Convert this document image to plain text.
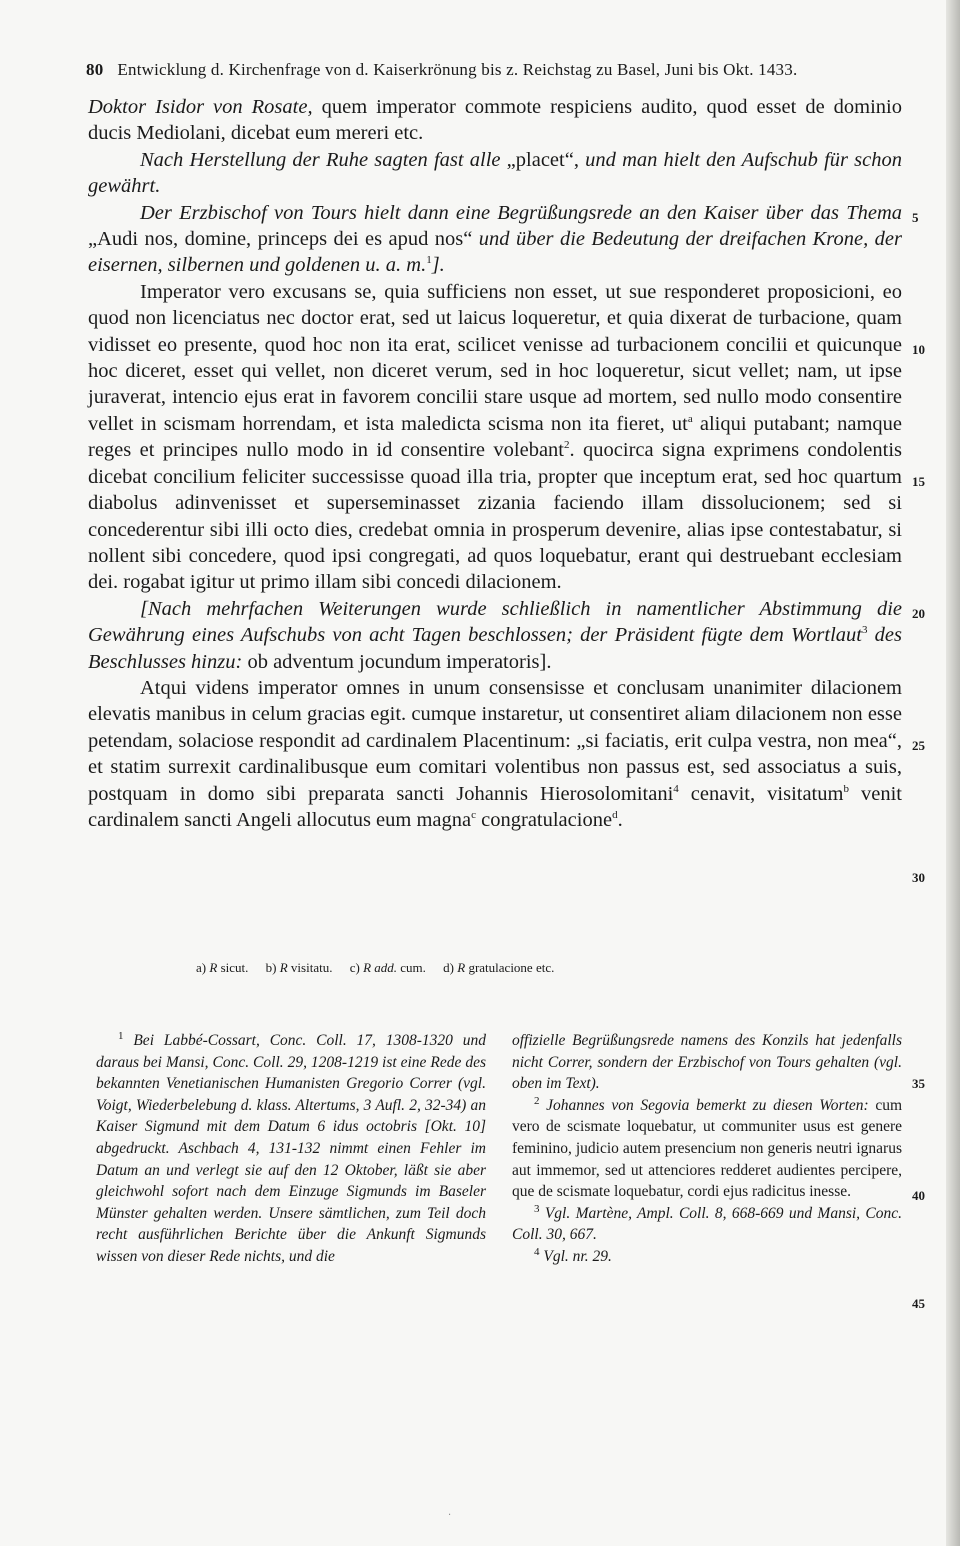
80 Entwicklung d. Kirchenfrage von d. Kaiserkrönung bis z. Reichstag zu Basel, Juni bis Okt. 1433.

Doktor Isidor von Rosate, quem imperator commote respiciens audito, quod esset de dominio ducis Mediolani, dicebat eum mereri etc.

Nach Herstellung der Ruhe sagten fast alle „placet“, und man hielt den Aufschub für schon gewährt.

Der Erzbischof von Tours hielt dann eine Begrüßungsrede an den Kaiser über das Thema „Audi nos, domine, princeps dei es apud nos“ und über die Bedeutung der dreifachen Krone, der eisernen, silbernen und goldenen u. a. m.$^1$].

Imperator vero excusans se, quia sufficiens non esset, ut sue responderet proposicioni, eo quod non licenciatus nec doctor erat, sed ut laicus loqueretur, et quia dixerat de turbacione, quam vidisset eo presente, quod hoc non ita erat, scilicet venisse ad turbacionem concilii et quicunque hoc diceret, esset qui vellet, non diceret verum, sed in hoc loqueretur, sicut vellet; nam, ut ipse juraverat, intencio ejus erat in favorem concilii stare usque ad mortem, sed nullo modo consentire vellet in scismam horrendam, et ista maledicta scisma non ita fieret, $ut^a$ aliqui putabant; namque reges et principes nullo modo in id consentire volebant$^2$. quocirca signa exprimens condolentis dicebat concilium feliciter successisse quoad illa tria, propter que inceptum erat, sed hoc quartum diabolus adinvenisset et superseminasset zizania faciendo illam dissolucionem; sed si concederentur sibi illi octo dies, credebat omnia in prosperum devenire, alias ipse contestabatur, si nollent sibi concedere, quod ipsi congregati, ad quos loquebatur, erant qui destruebant ecclesiam dei. rogabat igitur ut primo illam sibi concedi dilacionem.

[Nach mehrfachen Weiterungen wurde schließlich in namentlicher Abstimmung die Gewährung eines Aufschubs von acht Tagen beschlossen; der Präsident fügte dem Wortlaut$^3$ des Beschlusses hinzu: ob adventum jocundum imperatoris].

Atqui videns imperator omnes in unum consensisse et conclusam unanimiter dilacionem elevatis manibus in celum gracias egit. cumque instaretur, ut consentiret aliam dilacionem non esse petendam, solaciose respondit ad cardinalem Placentinum: „si faciatis, erit culpa vestra, non mea“, et statim surrexit cardinalibusque eum comitari volentibus non passus est, sed associatus a suis, postquam in domo sibi preparata sancti Johannis Hierosolomitani$^4$ cenavit, visitatum$^b$ venit cardinalem sancti Angeli allocutus eum magna$^c$ congratulacione$^d$.

5
10
15
20
25
30
a) R sicut. b) R visitatu. c) R add. cum. d) R gratulacione etc.

$^1$ Bei Labbé-Cossart, Conc. Coll. 17, 1308-1320 und daraus bei Mansi, Conc. Coll. 29, 1208-1219 ist eine Rede des bekannten Venetianischen Humanisten Gregorio Correr (vgl. Voigt, Wiederbelebung d. klass. Altertums, 3 Aufl. 2, 32-34) an Kaiser Sigmund mit dem Datum 6 idus octobris [Okt. 10] abgedruckt. Aschbach 4, 131-132 nimmt einen Fehler im Datum an und verlegt sie auf den 12 Oktober, läßt sie aber gleichwohl sofort nach dem Einzuge Sigmunds im Baseler Münster gehalten werden. Unsere sämtlichen, zum Teil doch recht ausführlichen Berichte über die Ankunft Sigmunds wissen von dieser Rede nichts, und die

offizielle Begrüßungsrede namens des Konzils hat jedenfalls nicht Correr, sondern der Erzbischof von Tours gehalten (vgl. oben im Text).

$^2$ Johannes von Segovia bemerkt zu diesen Worten: cum vero de scismate loquebatur, ut communiter usus est genere feminino, judicio autem presencium non generis neutri ignarus aut immemor, sed ut attenciores redderet audientes percipere, que de scismate loquebatur, cordi ejus radicitus inesse.

$^3$ Vgl. Martène, Ampl. Coll. 8, 668-669 und Mansi, Conc. Coll. 30, 667.

$^4$ Vgl. nr. 29.

35
40
45
‧
